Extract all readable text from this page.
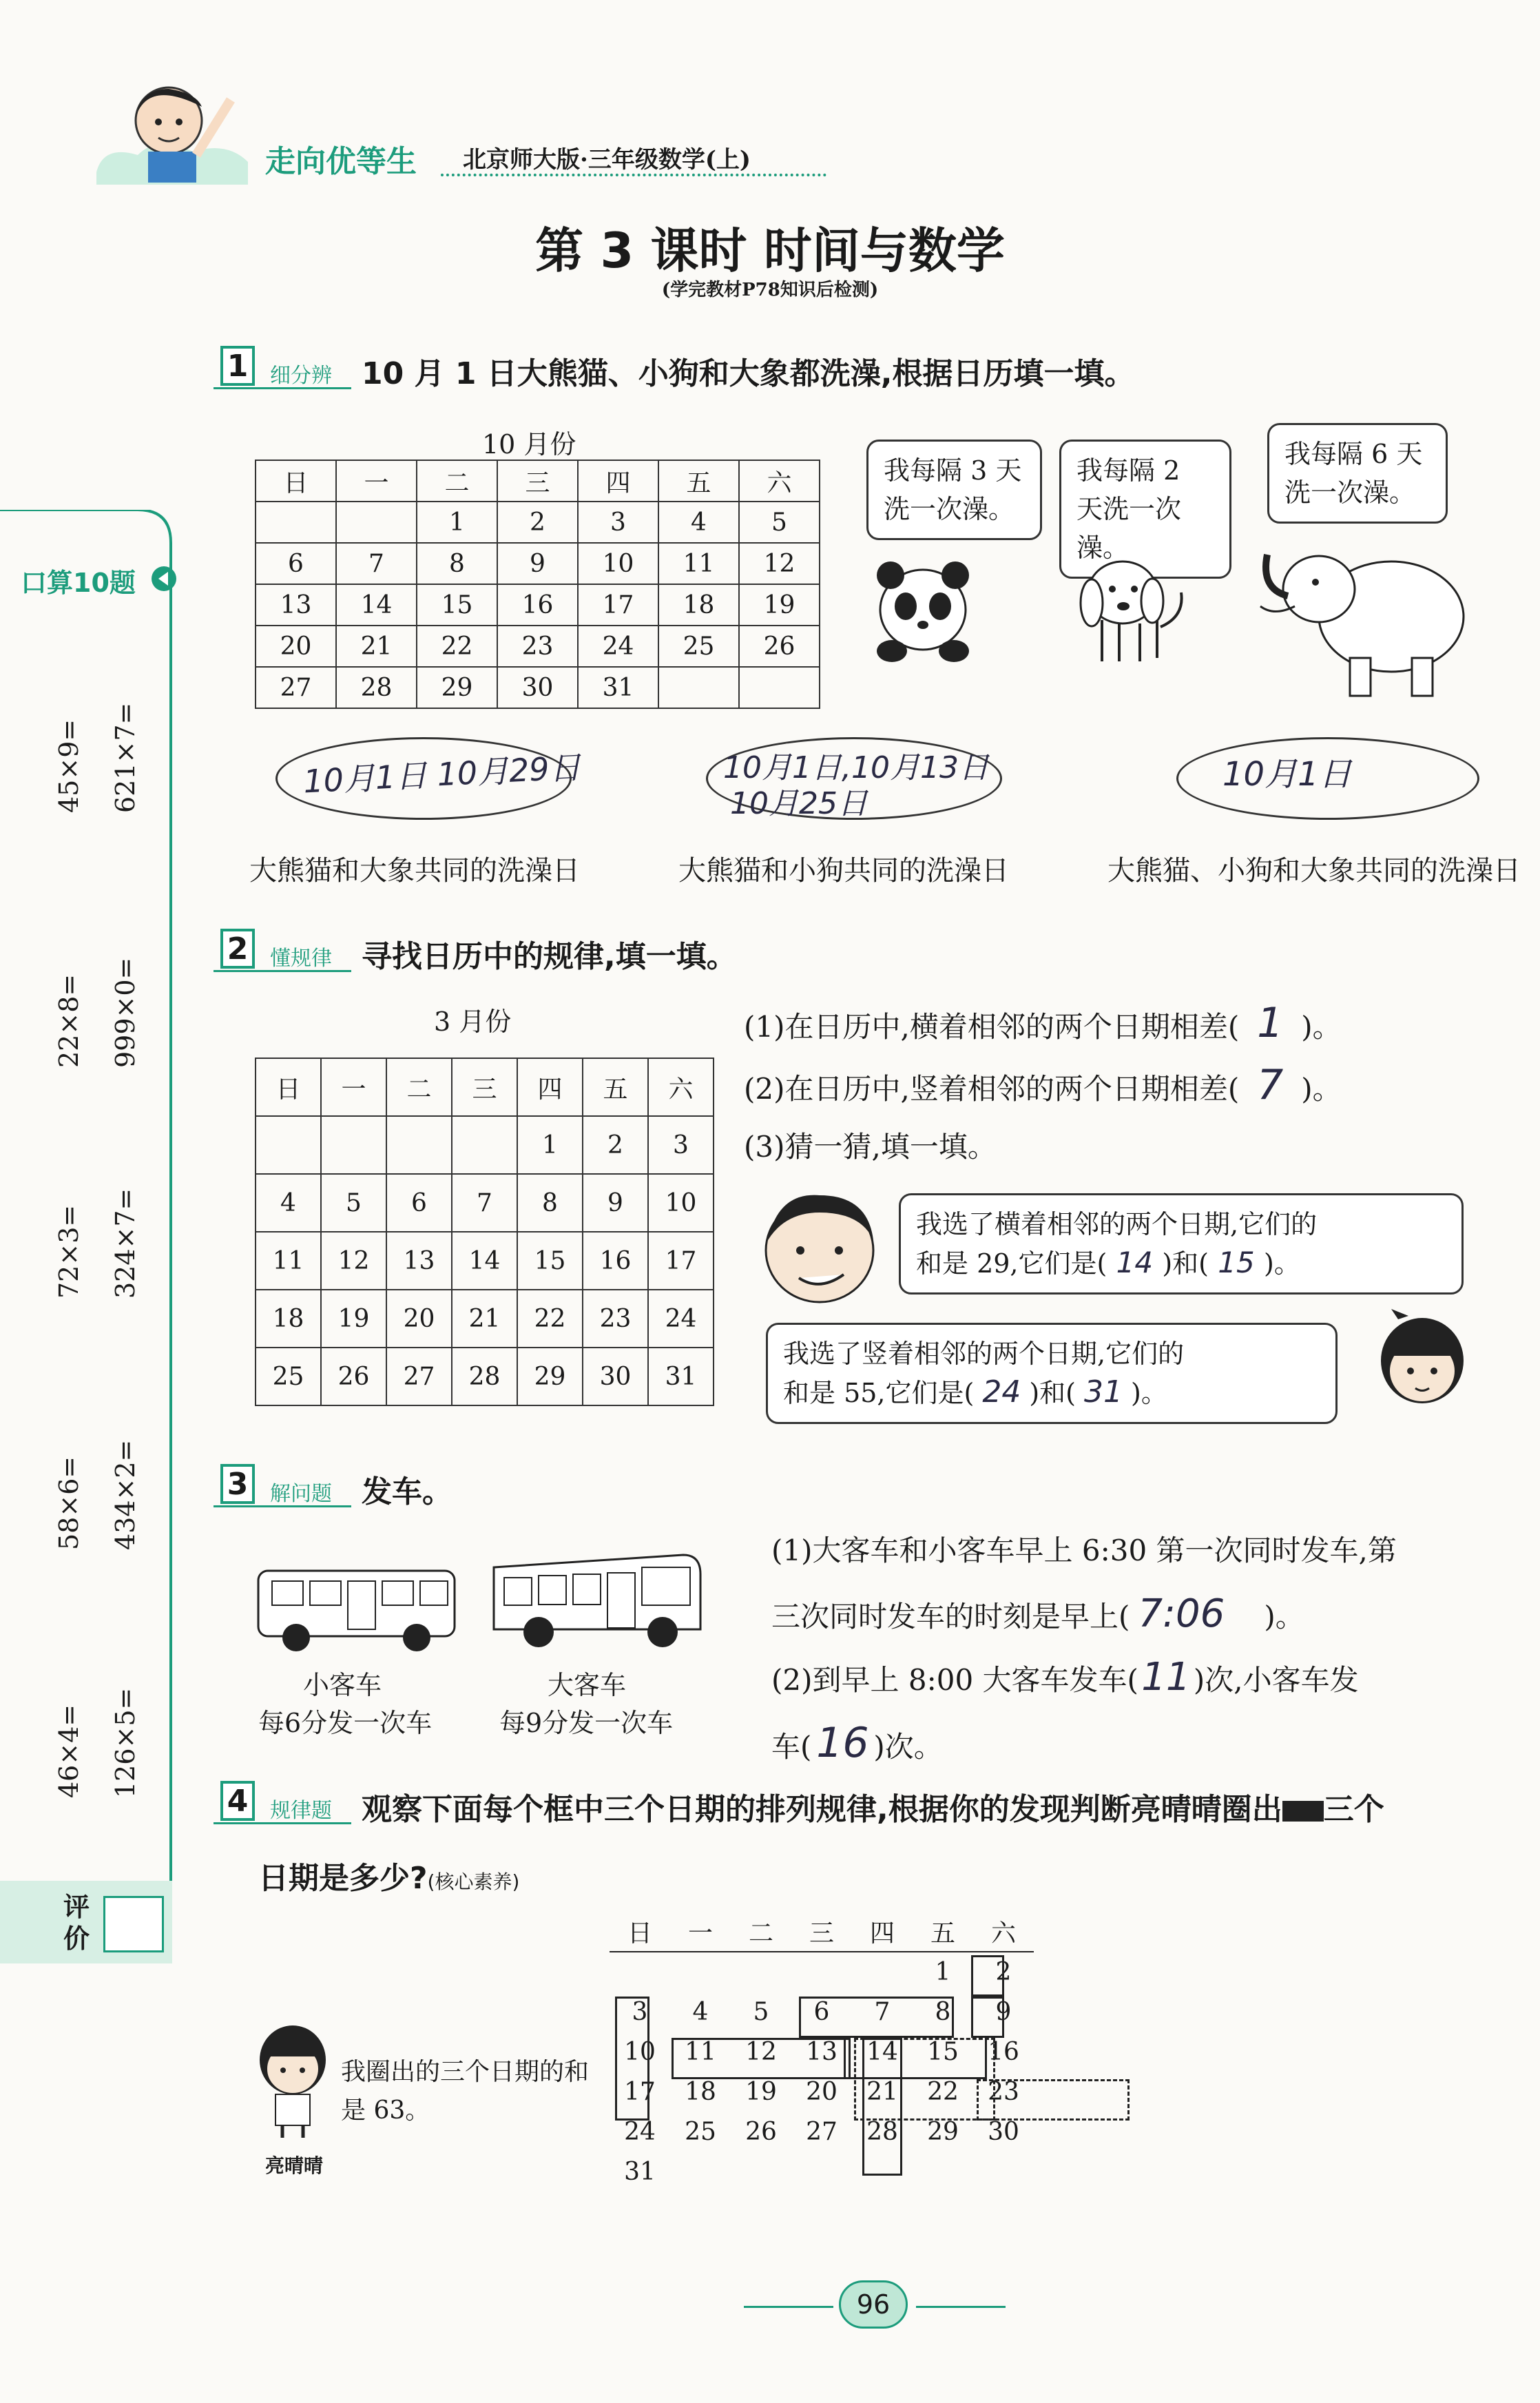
走向优等生 北京师大版·三年级数学(上)
第 3 课时 时间与数学
(学完教材P78知识后检测)
口算10题
45×9=
22×8=
72×3=
58×6=
46×4=
621×7=
999×0=
324×7=
434×2=
126×5=
评价
1	细分辨 10 月 1 日大熊猫、小狗和大象都洗澡,根据日历填一填。
10 月份
日	一	二	三	四	五	六
		1	2	3	4	5
6	7	8	9	10	11	12
13	14	15	16	17	18	19
20	21	22	23	24	25	26
27	28	29	30	31		
我每隔 3 天洗一次澡。
我每隔 2 天洗一次澡。
我每隔 6 天洗一次澡。
10月1日 10月29日	10月1日,10月13日
10月25日
10月1日
大熊猫和大象共同的洗澡日	大熊猫和小狗共同的洗澡日	大熊猫、小狗和大象共同的洗澡日
2	懂规律 寻找日历中的规律,填一填。
3 月份
日	一	二	三	四	五	六
				1	2	3
4	5	6	7	8	9	10
11	12	13	14	15	16	17
18	19	20	21	22	23	24
25	26	27	28	29	30	31
(1)在日历中,横着相邻的两个日期相差( 1 )。
(2)在日历中,竖着相邻的两个日期相差( 7 )。
(3)猜一猜,填一填。
我选了横着相邻的两个日期,它们的
和是 29,它们是( 14 )和( 15 )。
我选了竖着相邻的两个日期,它们的
和是 55,它们是( 24 )和( 31 )。
3	解问题 发车。
小客车
每6分发一次车
大客车
每9分发一次车
(1)大客车和小客车早上 6:30 第一次同时发车,第
三次同时发车的时刻是早上( 7:06 )。
(2)到早上 8:00 大客车发车(11 )次,小客车发
车( 16 )次。
4	规律题 观察下面每个框中三个日期的排列规律,根据你的发现判断亮晴晴圈出 三个
日期是多少?(核心素养)
日	一	二	三	四	五	六
					1	2
3	4	5	6	7	8	9
10	11	12	13	14	15	16
17	18	19	20	21	22	23
24	25	26	27	28	29	30
31						
我圈出的三个日期的和是 63。
亮晴晴
96
